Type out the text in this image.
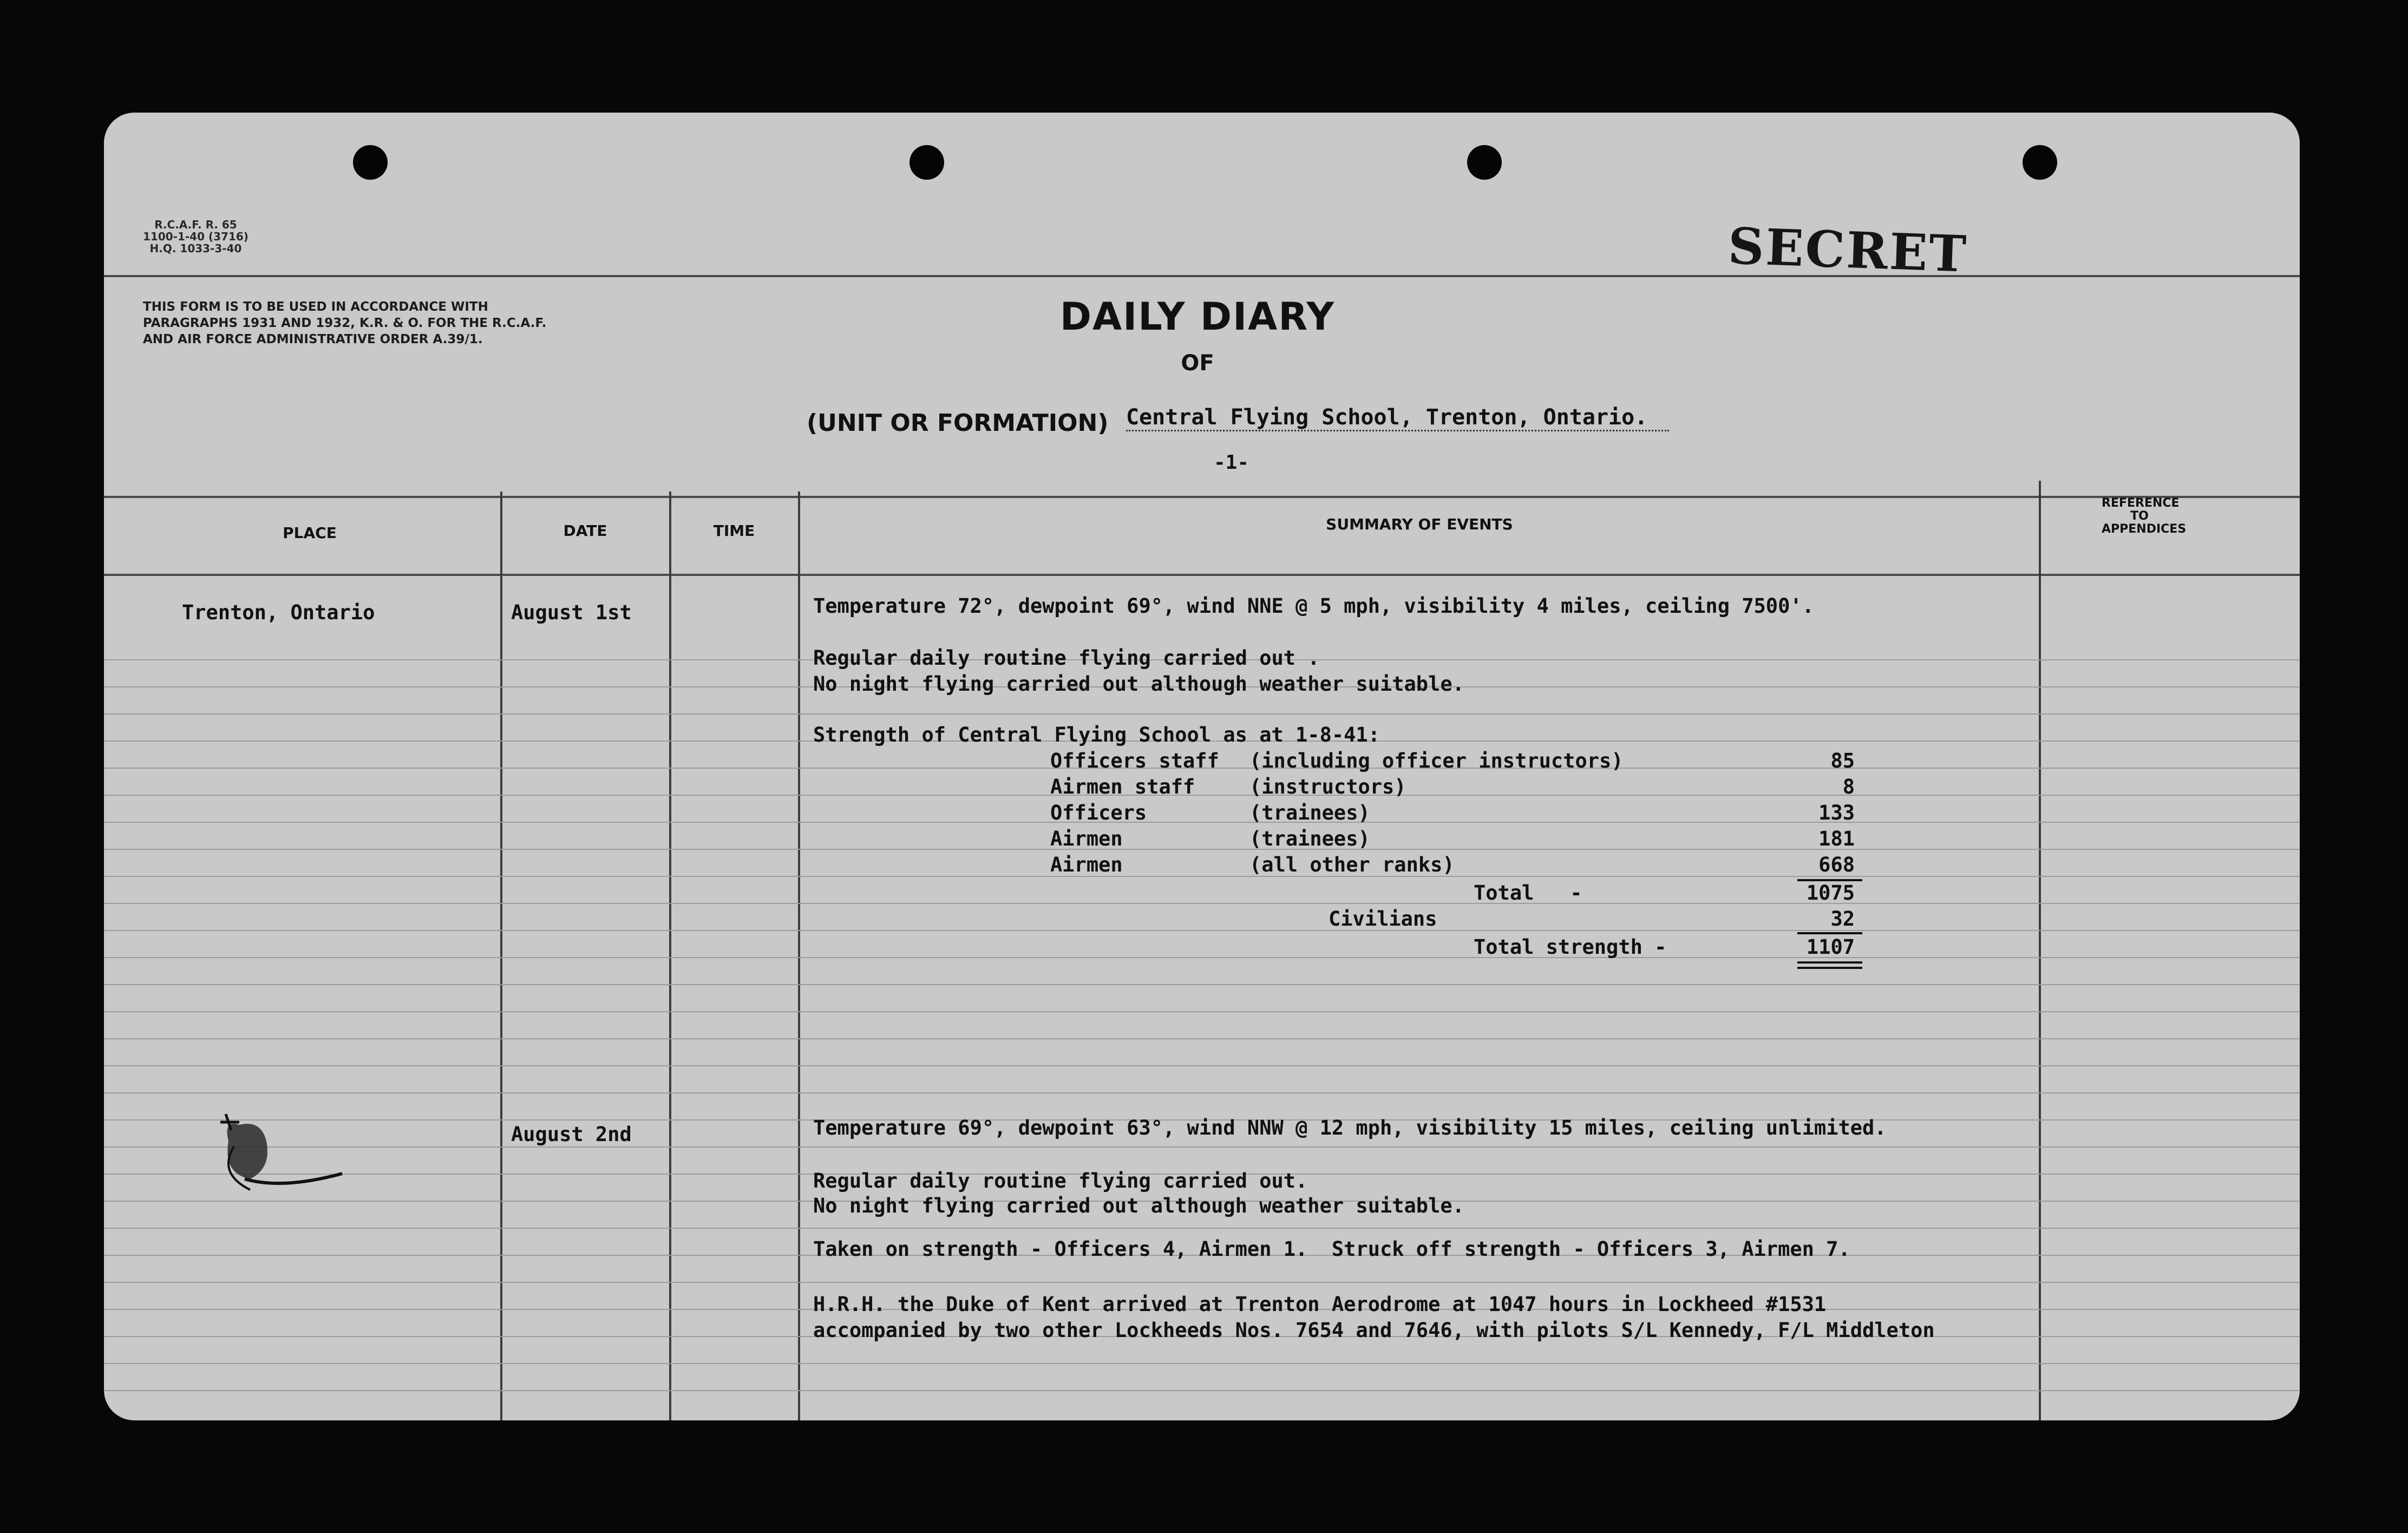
R.C.A.F. R. 65
1100-1-40 (3716)
H.Q. 1033-3-40
THIS FORM IS TO BE USED IN ACCORDANCE WITH PARAGRAPHS 1931 AND 1932, K.R. & O. FOR THE R.C.A.F. AND AIR FORCE ADMINISTRATIVE ORDER A.39/1.
SECRET
DAILY DIARY
OF
(UNIT OR FORMATION) Central Flying School, Trenton, Ontario.
-1-
PLACE	DATE	TIME	SUMMARY OF EVENTS
REFERENCE TO APPENDICES
Trenton, Ontario	August 1st	Temperature 72°, dewpoint 69°, wind NNE @ 5 mph, visibility 4 miles, ceiling 7500'.
Regular daily routine flying carried out .
No night flying carried out although weather suitable.
Strength of Central Flying School as at 1-8-41:
Officers staff (including officer instructors)	85
Airmen staff	(instructors)	8
Officers	(trainees)	133
Airmen	(trainees)	181
Airmen	(all other ranks)	668
Total   -	1075
Civilians	32
Total strength -	1107
August 2nd	Temperature 69°, dewpoint 63°, wind NNW @ 12 mph, visibility 15 miles, ceiling unlimited.
Regular daily routine flying carried out.
No night flying carried out although weather suitable.
Taken on strength - Officers 4, Airmen 1.  Struck off strength - Officers 3, Airmen 7.
H.R.H. the Duke of Kent arrived at Trenton Aerodrome at 1047 hours in Lockheed #1531
accompanied by two other Lockheeds Nos. 7654 and 7646, with pilots S/L Kennedy, F/L Middleton
